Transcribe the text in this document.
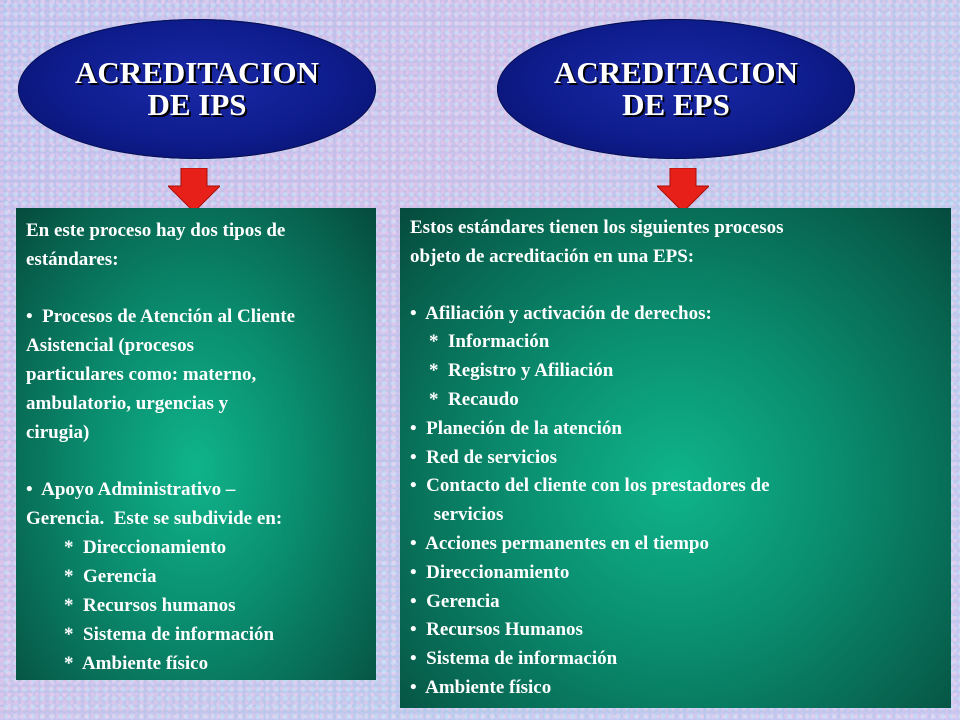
ACREDITACION
DE IPS
ACREDITACION
DE EPS
En este proceso hay dos tipos de
estándares:
•  Procesos de Atención al Cliente
Asistencial (procesos
particulares como: materno,
ambulatorio, urgencias y
cirugia)
•  Apoyo Administrativo –
Gerencia.  Este se subdivide en:
*  Direccionamiento
*  Gerencia
*  Recursos humanos
*  Sistema de información
*  Ambiente físico
Estos estándares tienen los siguientes procesos
objeto de acreditación en una EPS:
•  Afiliación y activación de derechos:
*  Información
*  Registro y Afiliación
*  Recaudo
•  Planeción de la atención
•  Red de servicios
•  Contacto del cliente con los prestadores de
servicios
•  Acciones permanentes en el tiempo
•  Direccionamiento
•  Gerencia
•  Recursos Humanos
•  Sistema de información
•  Ambiente físico
